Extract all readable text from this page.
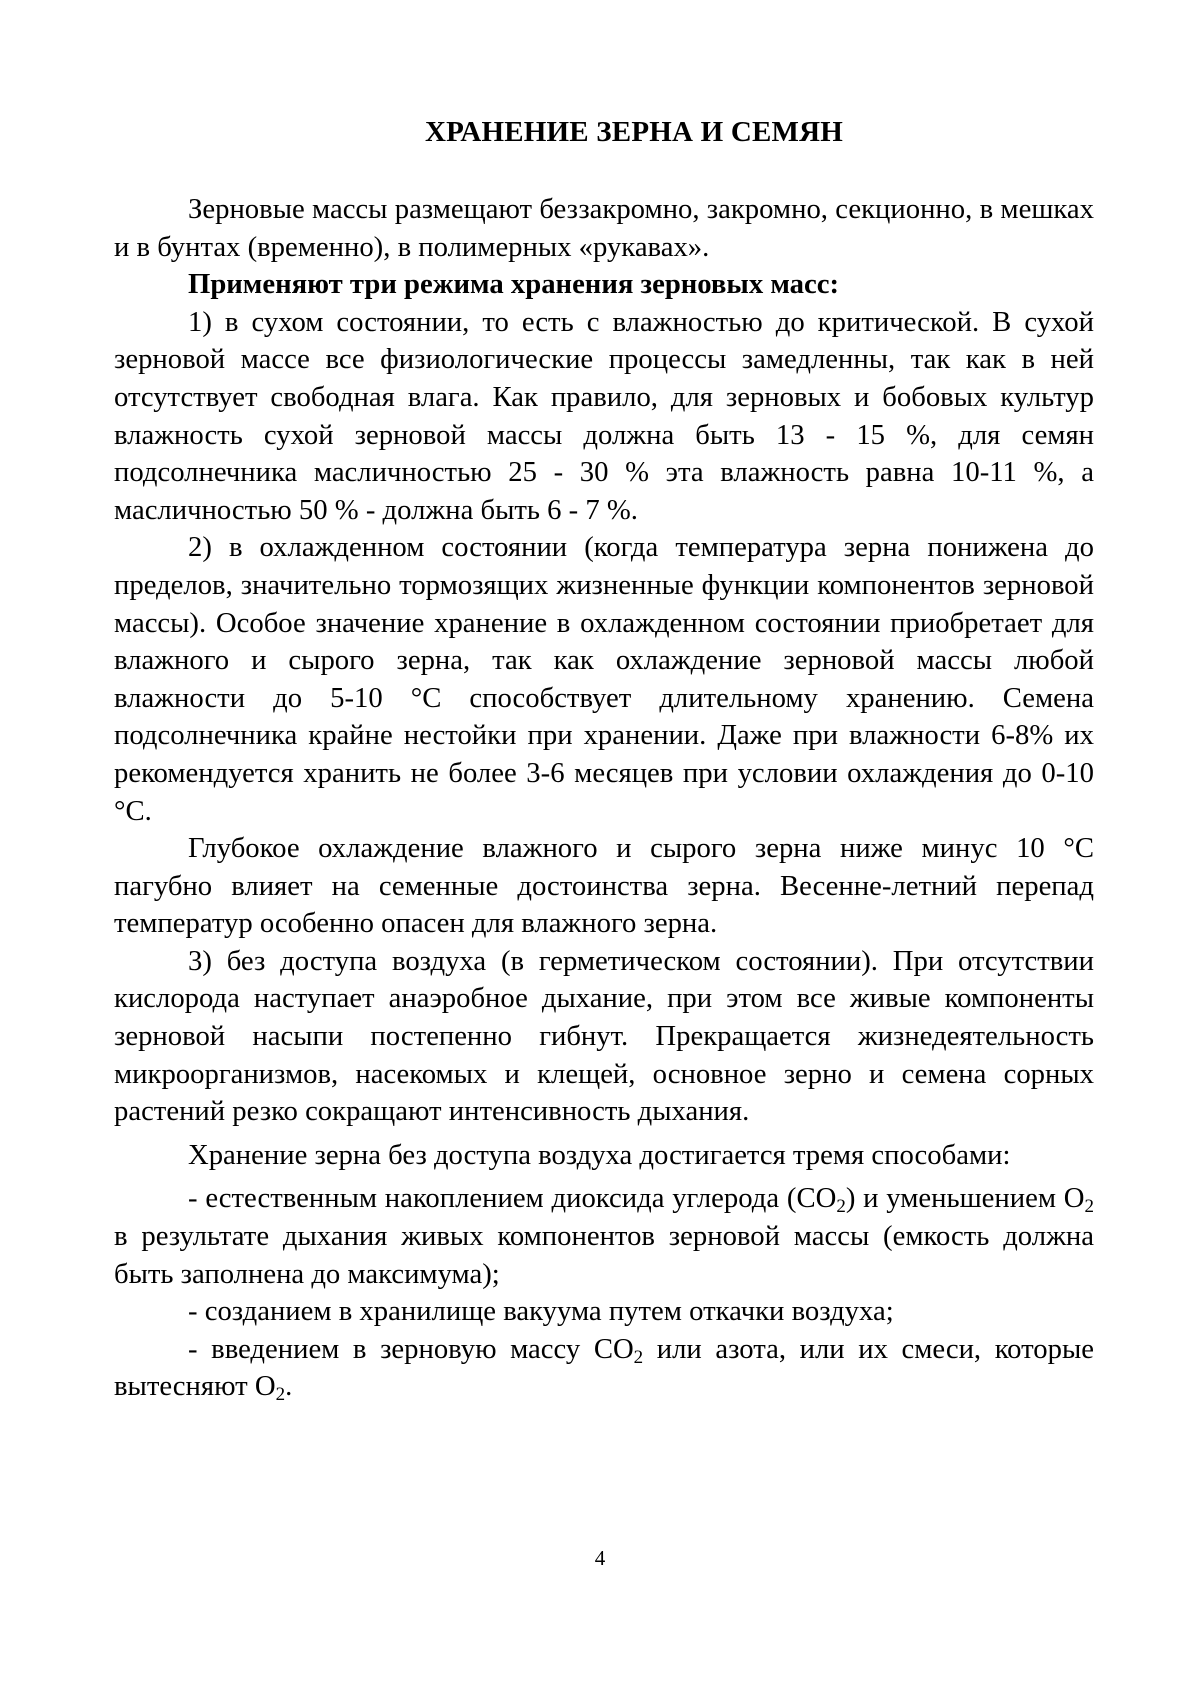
ХРАНЕНИЕ ЗЕРНА И СЕМЯН

Зерновые массы размещают беззакромно, закромно, секционно, в мешках и в бунтах (временно), в полимерных «рукавах».

Применяют три режима хранения зерновых масс:

1) в сухом состоянии, то есть с влажностью до критической. В сухой зерновой массе все физиологические процессы замедленны, так как в ней отсутствует свободная влага. Как правило, для зерновых и бобовых культур влажность сухой зерновой массы должна быть 13 - 15 %, для семян подсолнечника масличностью 25 - 30 % эта влаж­ность равна 10-11 %, а масличностью 50 % - должна быть 6 - 7 %.

2) в охлажденном состоянии (когда температура зерна понижена до пределов, значительно тормозящих жизненные функции компо­нентов зерновой массы). Особое значение хранение в охлажденном состоянии приобретает для влажного и сырого зерна, так как охлаж­дение зерновой массы любой влажности до 5-10 °С способствует длительному хранению. Семена подсолнечника крайне нестойки при хранении. Даже при влажности 6-8% их рекомендуется хранить не более 3-6 месяцев при условии охлаждения до 0-10 °С.

Глубокое охлаждение влажного и сырого зерна ниже минус 10 °С пагубно влияет на семенные достоинства зерна. Весенне-летний перепад температур особенно опасен для влажного зерна.

3) без доступа воздуха (в герметическом состоянии). При отсут­ствии кислорода наступает анаэробное дыхание, при этом все живые компоненты зерновой насыпи постепенно гибнут. Прекращается жизнедеятельность микроорганизмов, насекомых и клещей, основное зерно и семена сорных растений резко сокращают интенсивность ды­хания.

Хранение зерна без доступа воздуха достигается тремя способа­ми:

- естественным накоплением диоксида углерода (CO2) и умень­шением O2 в результате дыхания живых компонентов зерновой массы (емкость должна быть заполнена до максимума);

- созданием в хранилище вакуума путем откачки воздуха;

- введением в зерновую массу CO2 или азота, или их смеси, ко­торые вытесняют O2.

4
